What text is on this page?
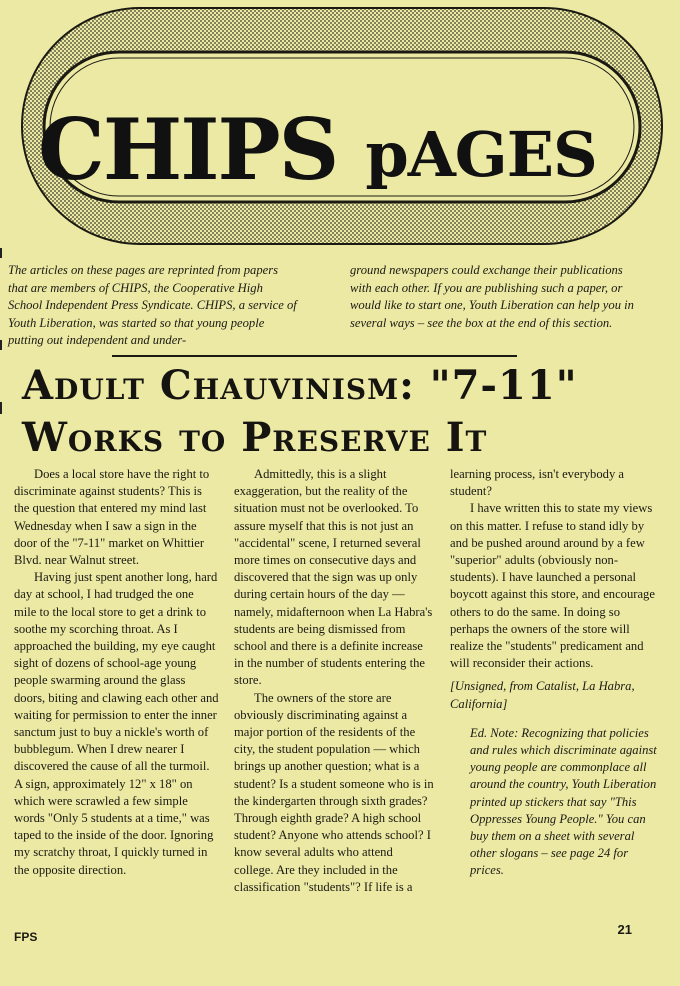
CHIPS pAGES

The articles on these pages are reprinted from papers that are members of CHIPS, the Cooperative High School Independent Press Syndicate. CHIPS, a service of Youth Liberation, was started so that young people putting out independent and under-

ground newspapers could exchange their publications with each other. If you are publishing such a paper, or would like to start one, Youth Liberation can help you in several ways – see the box at the end of this section.

Adult Chauvinism: "7-11"
Works to Preserve It

Does a local store have the right to discriminate against students? This is the question that entered my mind last Wednesday when I saw a sign in the door of the "7-11" market on Whittier Blvd. near Walnut street.

Having just spent another long, hard day at school, I had trudged the one mile to the local store to get a drink to soothe my scorching throat. As I approached the building, my eye caught sight of dozens of school-age young people swarming around the glass doors, biting and clawing each other and waiting for permission to enter the inner sanctum just to buy a nickle's worth of bubblegum. When I drew nearer I discovered the cause of all the turmoil. A sign, approximately 12" x 18" on which were scrawled a few simple words "Only 5 students at a time," was taped to the inside of the door. Ignoring my scratchy throat, I quickly turned in the opposite direction.

Admittedly, this is a slight exaggeration, but the reality of the situation must not be overlooked. To assure myself that this is not just an "accidental" scene, I returned several more times on consecutive days and discovered that the sign was up only during certain hours of the day — namely, midafternoon when La Habra's students are being dismissed from school and there is a definite increase in the number of students entering the store.

The owners of the store are obviously discriminating against a major portion of the residents of the city, the student population — which brings up another question; what is a student? Is a student someone who is in the kindergarten through sixth grades? Through eighth grade? A high school student? Anyone who attends school? I know several adults who attend college. Are they included in the classification "students"? If life is a

learning process, isn't everybody a student?

I have written this to state my views on this matter. I refuse to stand idly by and be pushed around around by a few "superior" adults (obviously non-students). I have launched a personal boycott against this store, and encourage others to do the same. In doing so perhaps the owners of the store will realize the "students" predicament and will reconsider their actions.

[Unsigned, from Catalist, La Habra, California]

Ed. Note: Recognizing that policies and rules which discriminate against young people are commonplace all around the country, Youth Liberation printed up stickers that say "This Oppresses Young People." You can buy them on a sheet with several other slogans – see page 24 for prices.

FPS	21
